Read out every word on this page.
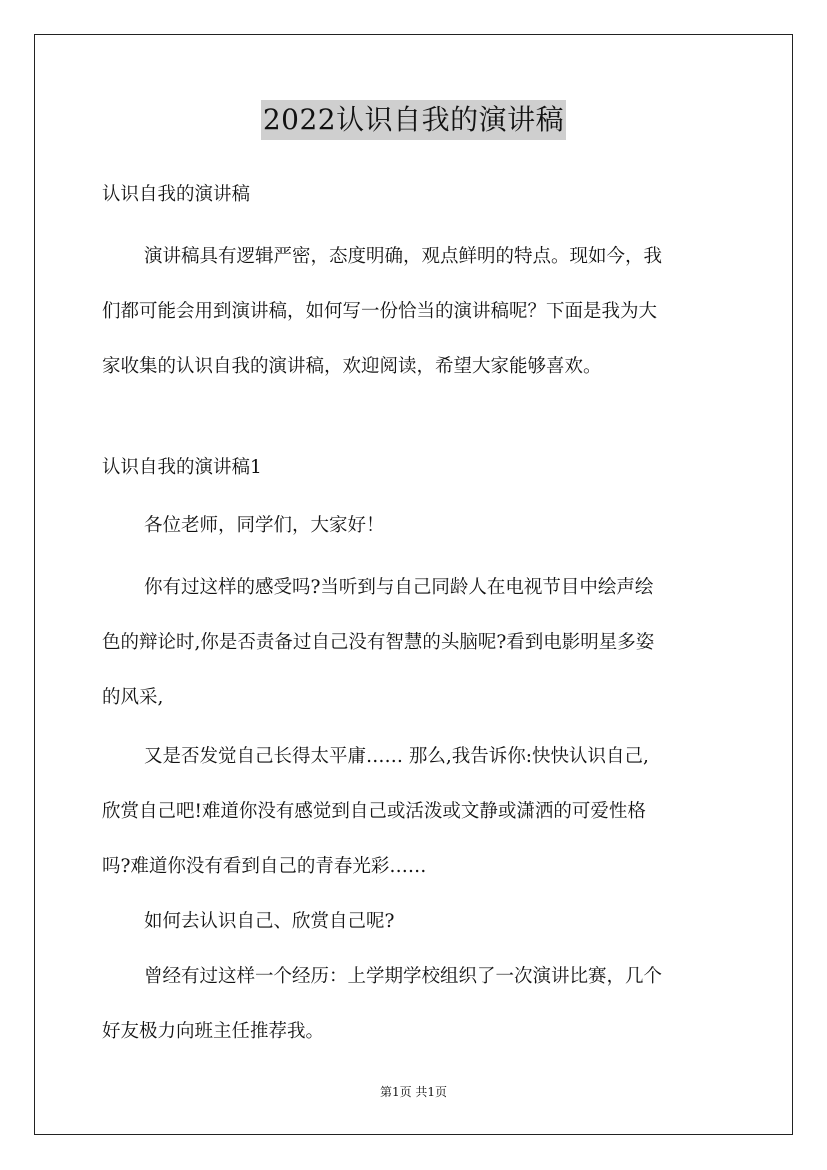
2022认识自我的演讲稿
认识自我的演讲稿
演讲稿具有逻辑严密，态度明确，观点鲜明的特点。现如今，我
们都可能会用到演讲稿，如何写一份恰当的演讲稿呢？下面是我为大
家收集的认识自我的演讲稿，欢迎阅读，希望大家能够喜欢。
认识自我的演讲稿1
各位老师，同学们，大家好！
你有过这样的感受吗?当听到与自己同龄人在电视节目中绘声绘
色的辩论时,你是否责备过自己没有智慧的头脑呢?看到电影明星多姿
的风采,
又是否发觉自己长得太平庸…… 那么,我告诉你:快快认识自己,
欣赏自己吧!难道你没有感觉到自己或活泼或文静或潇洒的可爱性格
吗?难道你没有看到自己的青春光彩……
如何去认识自己、欣赏自己呢?
曾经有过这样一个经历：上学期学校组织了一次演讲比赛，几个
好友极力向班主任推荐我。
第1页 共1页
